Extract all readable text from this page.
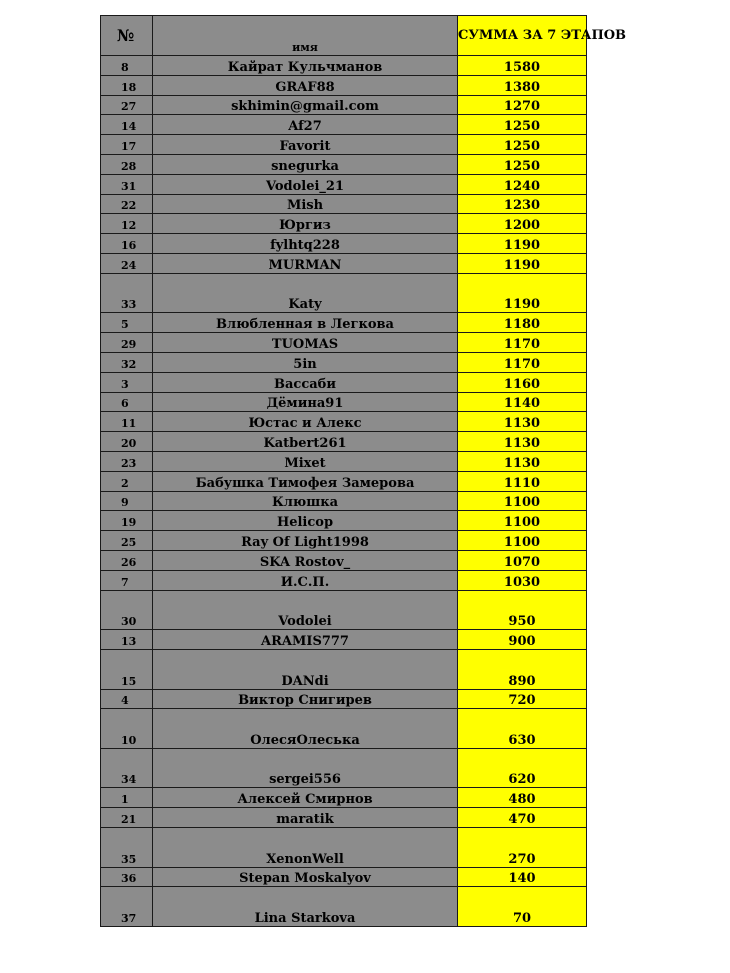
№	имя	СУММА ЗА 7 ЭТАПОВ
8	Кайрат Кульчманов	1580
18	GRAF88	1380
27	skhimin@gmail.com	1270
14	Af27	1250
17	Favorit	1250
28	snegurka	1250
31	Vodolei_21	1240
22	Mish	1230
12	Юргиз	1200
16	fylhtq228	1190
24	MURMAN	1190
33	Katy	1190
5	Влюбленная в Легкова	1180
29	TUOMAS	1170
32	5in	1170
3	Вассаби	1160
6	Дёмина91	1140
11	Юстас и Алекс	1130
20	Katbert261	1130
23	Mixet	1130
2	Бабушка Тимофея Замерова	1110
9	Клюшка	1100
19	Helicop	1100
25	Ray Of Light1998	1100
26	SKA Rostov_	1070
7	И.С.П.	1030
30	Vodolei	950
13	ARAMIS777	900
15	DANdi	890
4	Виктор Снигирев	720
10	ОлесяОлеська	630
34	sergei556	620
1	Алексей Смирнов	480
21	maratik	470
35	XenonWell	270
36	Stepan Moskalyov	140
37	Lina Starkova	70
